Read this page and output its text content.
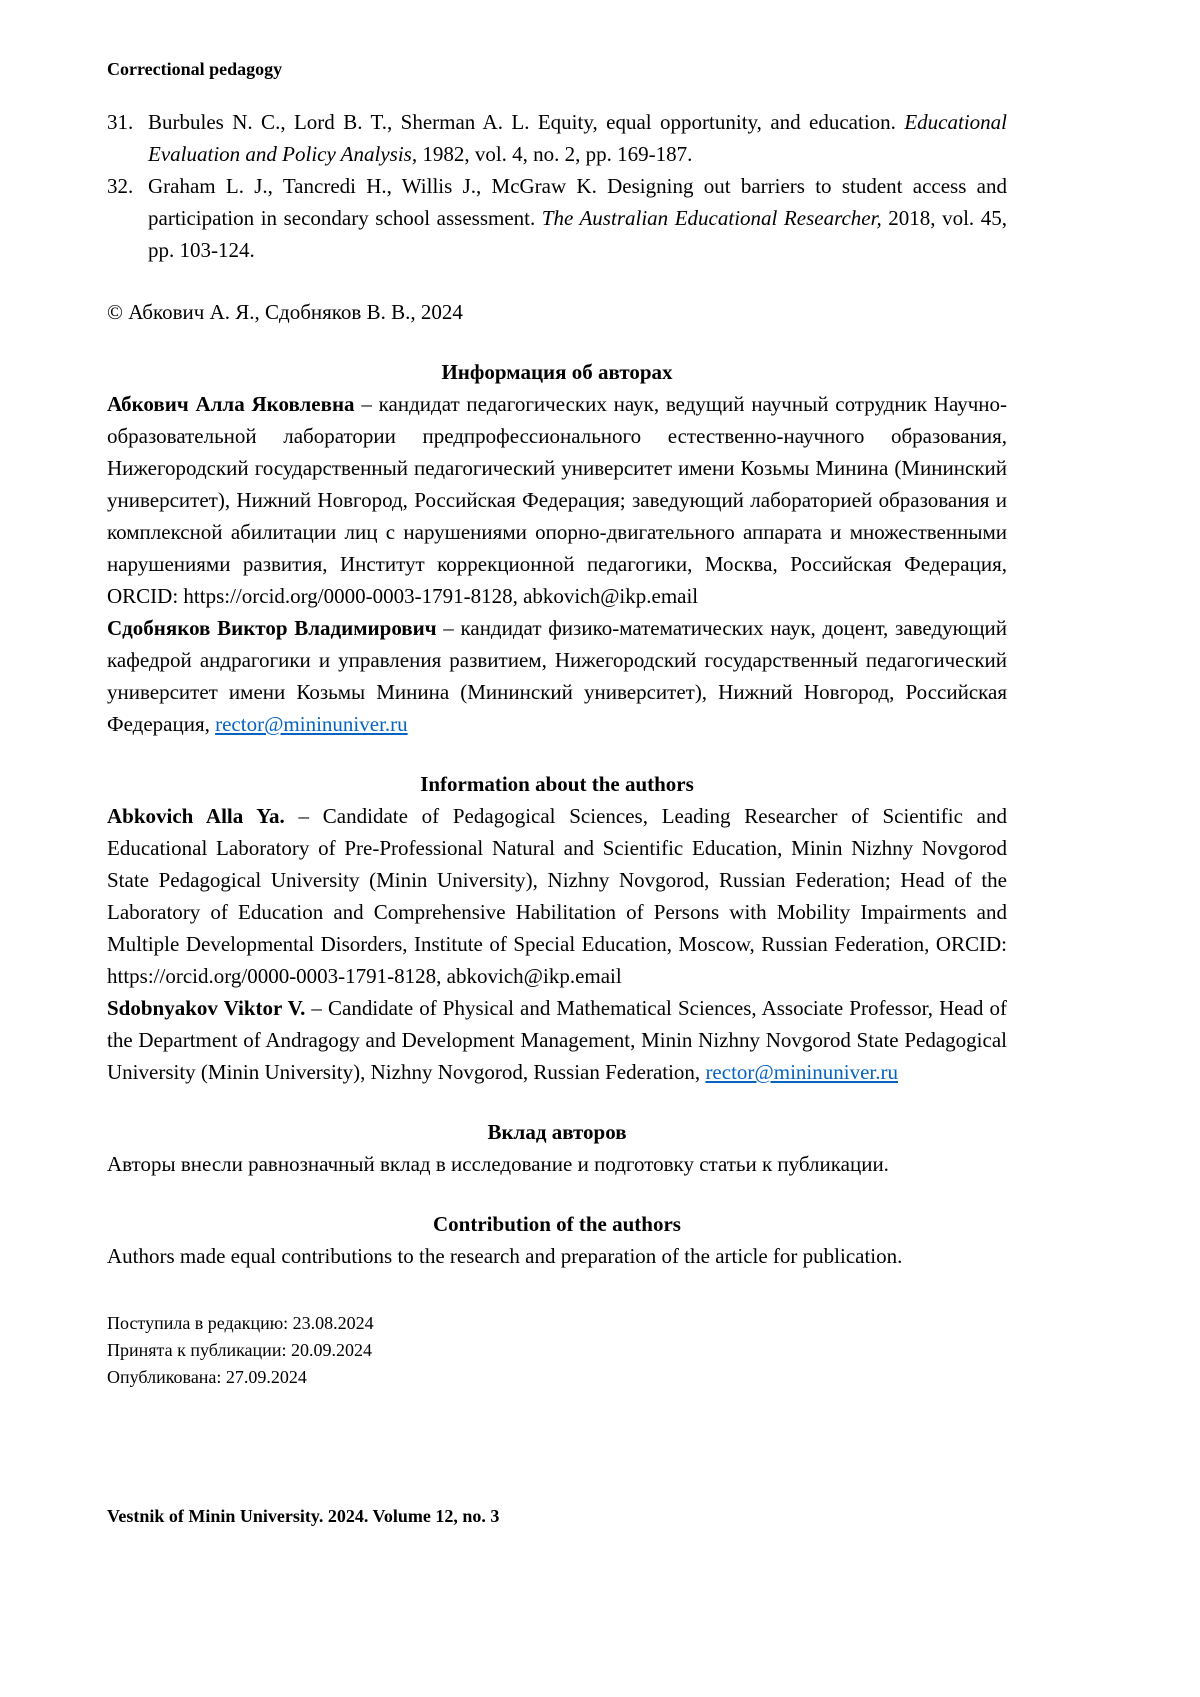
Correctional pedagogy

31. Burbules N. C., Lord B. T., Sherman A. L. Equity, equal opportunity, and education. Educational Evaluation and Policy Analysis, 1982, vol. 4, no. 2, pp. 169-187.

32. Graham L. J., Tancredi H., Willis J., McGraw K. Designing out barriers to student access and participation in secondary school assessment. The Australian Educational Researcher, 2018, vol. 45, pp. 103-124.

© Абкович А. Я., Сдобняков В. В., 2024

Информация об авторах

Абкович Алла Яковлевна – кандидат педагогических наук, ведущий научный сотрудник Научно-образовательной лаборатории предпрофессионального естественно-научного образования, Нижегородский государственный педагогический университет имени Козьмы Минина (Мининский университет), Нижний Новгород, Российская Федерация; заведующий лабораторией образования и комплексной абилитации лиц с нарушениями опорно-двигательного аппарата и множественными нарушениями развития, Институт коррекционной педагогики, Москва, Российская Федерация, ORCID: https://orcid.org/0000-0003-1791-8128, abkovich@ikp.email

Сдобняков Виктор Владимирович – кандидат физико-математических наук, доцент, заведующий кафедрой андрагогики и управления развитием, Нижегородский государственный педагогический университет имени Козьмы Минина (Мининский университет), Нижний Новгород, Российская Федерация, rector@mininuniver.ru

Information about the authors

Abkovich Alla Ya. – Candidate of Pedagogical Sciences, Leading Researcher of Scientific and Educational Laboratory of Pre-Professional Natural and Scientific Education, Minin Nizhny Novgorod State Pedagogical University (Minin University), Nizhny Novgorod, Russian Federation; Head of the Laboratory of Education and Comprehensive Habilitation of Persons with Mobility Impairments and Multiple Developmental Disorders, Institute of Special Education, Moscow, Russian Federation, ORCID: https://orcid.org/0000-0003-1791-8128, abkovich@ikp.email

Sdobnyakov Viktor V. – Candidate of Physical and Mathematical Sciences, Associate Professor, Head of the Department of Andragogy and Development Management, Minin Nizhny Novgorod State Pedagogical University (Minin University), Nizhny Novgorod, Russian Federation, rector@mininuniver.ru

Вклад авторов

Авторы внесли равнозначный вклад в исследование и подготовку статьи к публикации.

Contribution of the authors

Authors made equal contributions to the research and preparation of the article for publication.

Поступила в редакцию: 23.08.2024

Принята к публикации: 20.09.2024

Опубликована: 27.09.2024

Vestnik of Minin University. 2024. Volume 12, no. 3
